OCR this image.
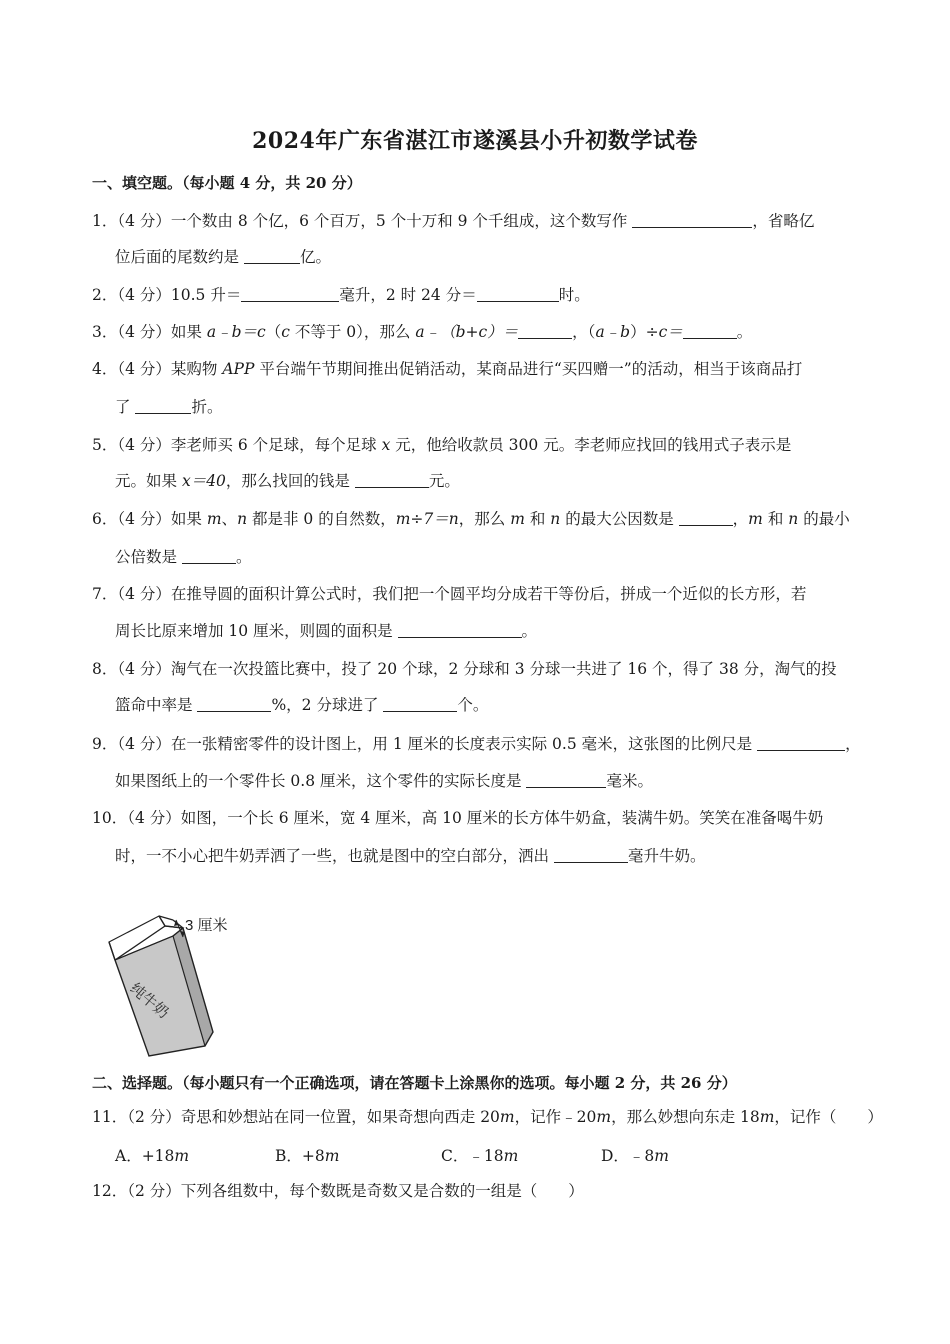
2024年广东省湛江市遂溪县小升初数学试卷
一、填空题。（每小题 4 分，共 20 分）
1．（4 分）一个数由 8 个亿，6 个百万，5 个十万和 9 个千组成，这个数写作	，省略亿
位后面的尾数约是	亿。
2．（4 分）10.5 升＝	毫升，2 时 24 分＝	时。
3．（4 分）如果 a﹣b＝c（c 不等于 0），那么 a﹣（b+c）＝	，（a﹣b）÷c＝	。
4．（4 分）某购物 APP 平台端午节期间推出促销活动，某商品进行“买四赠一”的活动，相当于该商品打
了	折。
5．（4 分）李老师买 6 个足球，每个足球 x 元，他给收款员 300 元。李老师应找回的钱用式子表示是
元。如果 x＝40，那么找回的钱是	元。
6．（4 分）如果 m、n 都是非 0 的自然数，m÷7＝n，那么 m 和 n 的最大公因数是	，m 和 n 的最小
公倍数是	。
7．（4 分）在推导圆的面积计算公式时，我们把一个圆平均分成若干等份后，拼成一个近似的长方形，若
周长比原来增加 10 厘米，则圆的面积是	。
8．（4 分）淘气在一次投篮比赛中，投了 20 个球，2 分球和 3 分球一共进了 16 个，得了 38 分，淘气的投
篮命中率是	%，2 分球进了	个。
9．（4 分）在一张精密零件的设计图上，用 1 厘米的长度表示实际 0.5 毫米，这张图的比例尺是	，
如果图纸上的一个零件长 0.8 厘米，这个零件的实际长度是	毫米。
10．（4 分）如图，一个长 6 厘米，宽 4 厘米，高 10 厘米的长方体牛奶盒，装满牛奶。笑笑在准备喝牛奶
时，一不小心把牛奶弄洒了一些，也就是图中的空白部分，洒出	毫升牛奶。
3 厘米
纯牛奶
二、选择题。（每小题只有一个正确选项，请在答题卡上涂黑你的选项。每小题 2 分，共 26 分）
11．（2 分）奇思和妙想站在同一位置，如果奇想向西走 20m，记作﹣20m，那么妙想向东走 18m，记作（　　）
A．+18m	B．+8m	C．﹣18m	D．﹣8m
12．（2 分）下列各组数中，每个数既是奇数又是合数的一组是（　　）
